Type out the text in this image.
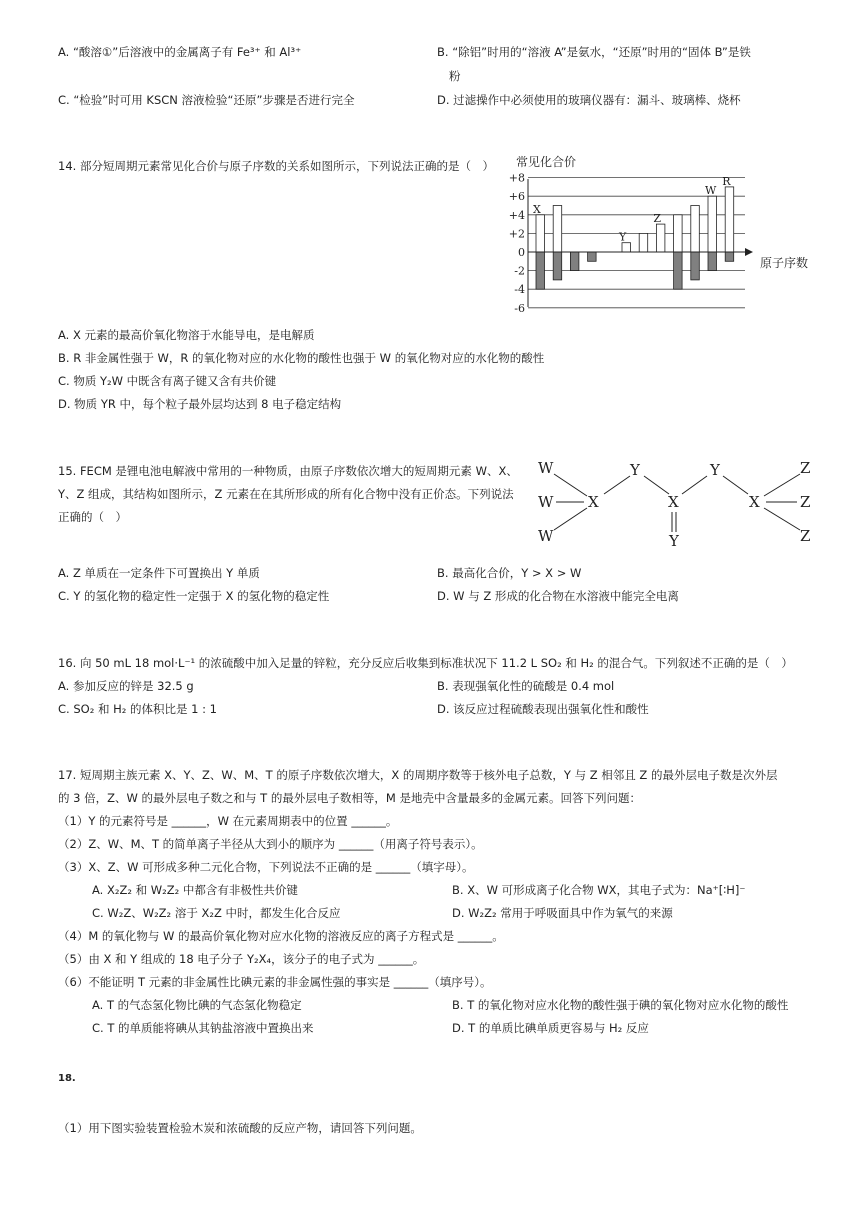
A. “酸溶①”后溶液中的金属离子有 Fe³⁺ 和 Al³⁺	B. “除铝”时用的“溶液 A”是氨水，“还原”时用的“固体 B”是铁
粉
C. “检验”时可用 KSCN 溶液检验“还原”步骤是否进行完全	D. 过滤操作中必须使用的玻璃仪器有：漏斗、玻璃棒、烧杯
14. 部分短周期元素常见化合价与原子序数的关系如图所示，下列说法正确的是（　） 常见化合价
+8
+6
+4
+2
0
-2
-4
-6
X
Y
Z
W
R
原子序数
A. X 元素的最高价氧化物溶于水能导电，是电解质
B. R 非金属性强于 W，R 的氧化物对应的水化物的酸性也强于 W 的氧化物对应的水化物的酸性
C. 物质 Y₂W 中既含有离子键又含有共价键
D. 物质 YR 中，每个粒子最外层均达到 8 电子稳定结构
15. FECM 是锂电池电解液中常用的一种物质，由原子序数依次增大的短周期元素 W、X、
Y、Z 组成，其结构如图所示，Z 元素在在其所形成的所有化合物中没有正价态。下列说法
正确的（　）
W
W
W
X
Y
X
Y
Y
X
Z
Z
Z
A. Z 单质在一定条件下可置换出 Y 单质	B. 最高化合价，Y > X > W
C. Y 的氢化物的稳定性一定强于 X 的氢化物的稳定性	D. W 与 Z 形成的化合物在水溶液中能完全电离
16. 向 50 mL 18 mol·L⁻¹ 的浓硫酸中加入足量的锌粒，充分反应后收集到标准状况下 11.2 L SO₂ 和 H₂ 的混合气。下列叙述不正确的是（　）
A. 参加反应的锌是 32.5 g	B. 表现强氧化性的硫酸是 0.4 mol
C. SO₂ 和 H₂ 的体积比是 1 : 1	D. 该反应过程硫酸表现出强氧化性和酸性
17. 短周期主族元素 X、Y、Z、W、M、T 的原子序数依次增大，X 的周期序数等于核外电子总数，Y 与 Z 相邻且 Z 的最外层电子数是次外层
的 3 倍，Z、W 的最外层电子数之和与 T 的最外层电子数相等，M 是地壳中含量最多的金属元素。回答下列问题：
（1）Y 的元素符号是 ______，W 在元素周期表中的位置 ______。
（2）Z、W、M、T 的简单离子半径从大到小的顺序为 ______（用离子符号表示）。
（3）X、Z、W 可形成多种二元化合物，下列说法不正确的是 ______（填字母）。
A. X₂Z₂ 和 W₂Z₂ 中都含有非极性共价键	B. X、W 可形成离子化合物 WX，其电子式为：Na⁺[∶H]⁻
C. W₂Z、W₂Z₂ 溶于 X₂Z 中时，都发生化合反应	D. W₂Z₂ 常用于呼吸面具中作为氧气的来源
（4）M 的氧化物与 W 的最高价氧化物对应水化物的溶液反应的离子方程式是 ______。
（5）由 X 和 Y 组成的 18 电子分子 Y₂X₄，该分子的电子式为 ______。
（6）不能证明 T 元素的非金属性比碘元素的非金属性强的事实是 ______（填序号）。
A. T 的气态氢化物比碘的气态氢化物稳定	B. T 的氧化物对应水化物的酸性强于碘的氧化物对应水化物的酸性
C. T 的单质能将碘从其钠盐溶液中置换出来	D. T 的单质比碘单质更容易与 H₂ 反应
18.
（1）用下图实验装置检验木炭和浓硫酸的反应产物，请回答下列问题。
